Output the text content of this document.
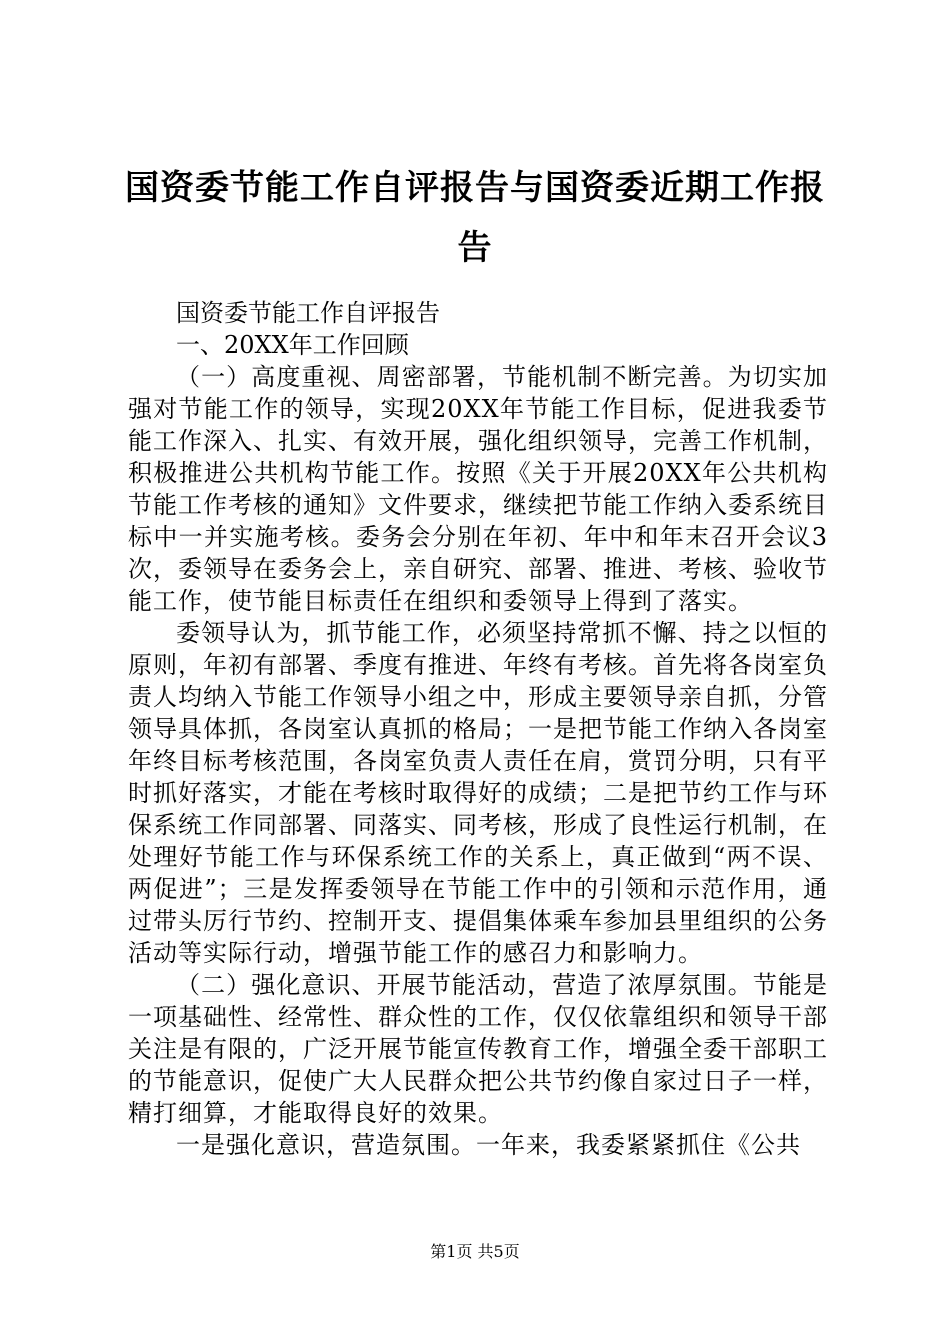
国资委节能工作自评报告与国资委近期工作报告

国资委节能工作自评报告

一、20XX年工作回顾

（一）高度重视、周密部署，节能机制不断完善。为切实加强对节能工作的领导，实现20XX年节能工作目标，促进我委节能工作深入、扎实、有效开展，强化组织领导，完善工作机制，积极推进公共机构节能工作。按照《关于开展20XX年公共机构节能工作考核的通知》文件要求，继续把节能工作纳入委系统目标中一并实施考核。委务会分别在年初、年中和年末召开会议3次，委领导在委务会上，亲自研究、部署、推进、考核、验收节能工作，使节能目标责任在组织和委领导上得到了落实。

委领导认为，抓节能工作，必须坚持常抓不懈、持之以恒的原则，年初有部署、季度有推进、年终有考核。首先将各岗室负责人均纳入节能工作领导小组之中，形成主要领导亲自抓，分管领导具体抓，各岗室认真抓的格局；一是把节能工作纳入各岗室年终目标考核范围，各岗室负责人责任在肩，赏罚分明，只有平时抓好落实，才能在考核时取得好的成绩；二是把节约工作与环保系统工作同部署、同落实、同考核，形成了良性运行机制，在处理好节能工作与环保系统工作的关系上，真正做到“两不误、两促进”；三是发挥委领导在节能工作中的引领和示范作用，通过带头厉行节约、控制开支、提倡集体乘车参加县里组织的公务活动等实际行动，增强节能工作的感召力和影响力。

（二）强化意识、开展节能活动，营造了浓厚氛围。节能是一项基础性、经常性、群众性的工作，仅仅依靠组织和领导干部关注是有限的，广泛开展节能宣传教育工作，增强全委干部职工的节能意识，促使广大人民群众把公共节约像自家过日子一样，精打细算，才能取得良好的效果。

一是强化意识，营造氛围。一年来，我委紧紧抓住《公共

第1页 共5页
